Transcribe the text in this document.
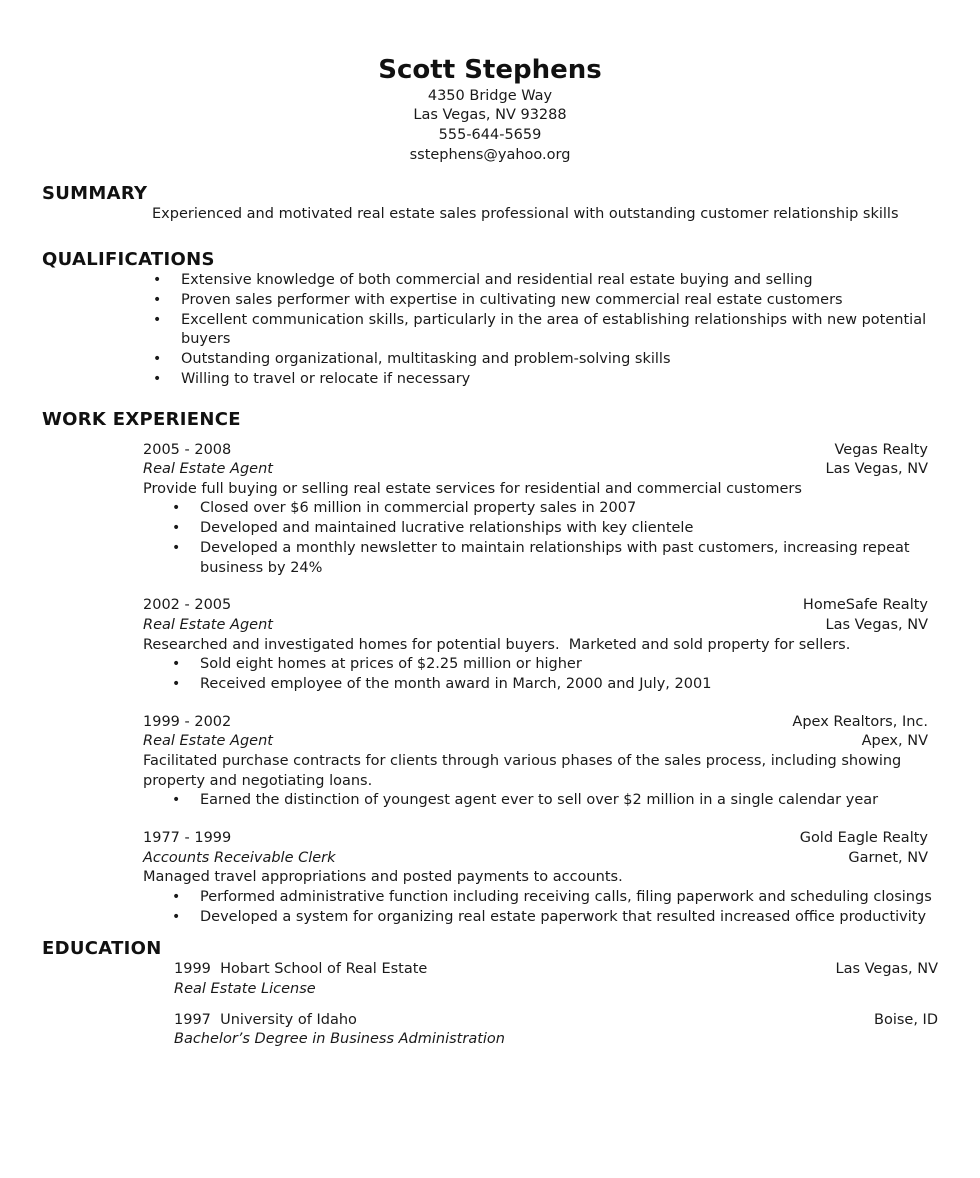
Scott Stephens
4350 Bridge Way
Las Vegas, NV 93288
555-644-5659
sstephens@yahoo.org
SUMMARY
Experienced and motivated real estate sales professional with outstanding customer relationship skills
QUALIFICATIONS
• Extensive knowledge of both commercial and residential real estate buying and selling
• Proven sales performer with expertise in cultivating new commercial real estate customers
• Excellent communication skills, particularly in the area of establishing relationships with new potential
buyers
• Outstanding organizational, multitasking and problem-solving skills
• Willing to travel or relocate if necessary
WORK EXPERIENCE
2005 - 2008	Vegas Realty
Real Estate Agent	Las Vegas, NV
Provide full buying or selling real estate services for residential and commercial customers
• Closed over $6 million in commercial property sales in 2007
• Developed and maintained lucrative relationships with key clientele
• Developed a monthly newsletter to maintain relationships with past customers, increasing repeat
business by 24%
2002 - 2005	HomeSafe Realty
Real Estate Agent	Las Vegas, NV
Researched and investigated homes for potential buyers.  Marketed and sold property for sellers.
• Sold eight homes at prices of $2.25 million or higher
• Received employee of the month award in March, 2000 and July, 2001
1999 - 2002	Apex Realtors, Inc.
Real Estate Agent	Apex, NV
Facilitated purchase contracts for clients through various phases of the sales process, including showing
property and negotiating loans.
• Earned the distinction of youngest agent ever to sell over $2 million in a single calendar year
1977 - 1999	Gold Eagle Realty
Accounts Receivable Clerk	Garnet, NV
Managed travel appropriations and posted payments to accounts.
• Performed administrative function including receiving calls, filing paperwork and scheduling closings
• Developed a system for organizing real estate paperwork that resulted increased office productivity
EDUCATION
1999  Hobart School of Real Estate	Las Vegas, NV
Real Estate License
1997  University of Idaho	Boise, ID
Bachelor’s Degree in Business Administration
